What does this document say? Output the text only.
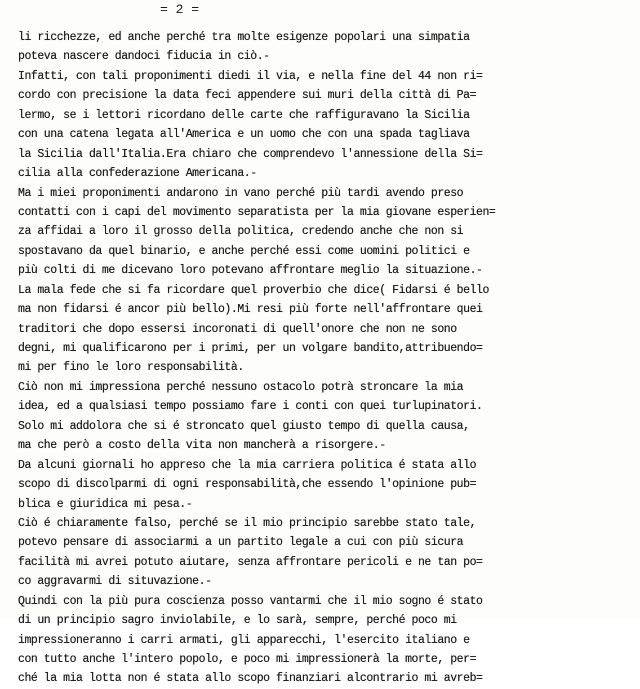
= 2 =
li ricchezze, ed anche perché tra molte esigenze popolari una simpatia
poteva nascere dandoci fiducia in ciò.-
Infatti, con tali proponimenti diedi il via, e nella fine del 44 non ri=
cordo con precisione la data feci appendere sui muri della città di Pa=
lermo, se i lettori ricordano delle carte che raffiguravano la Sicilia
con una catena legata all'America e un uomo che con una spada tagliava
la Sicilia dall'Italia.Era chiaro che comprendevo l'annessione della Si=
cilia alla confederazione Americana.-
Ma i miei proponimenti andarono in vano perché più tardi avendo preso
contatti con i capi del movimento separatista per la mia giovane esperien=
za affidai a loro il grosso della politica, credendo anche che non si
spostavano da quel binario, e anche perché essi come uomini politici e
più colti di me dicevano loro potevano affrontare meglio la situazione.-
La mala fede che si fa ricordare quel proverbio che dice( Fidarsi é bello
ma non fidarsi é ancor più bello).Mi resi più forte nell'affrontare quei
traditori che dopo essersi incoronati di quell'onore che non ne sono
degni, mi qualificarono per i primi, per un volgare bandito,attribuendo=
mi per fino le loro responsabilità.
Ciò non mi impressiona perché nessuno ostacolo potrà stroncare la mia
idea, ed a qualsiasi tempo possiamo fare i conti con quei turlupinatori.
Solo mi addolora che si é stroncato quel giusto tempo di quella causa,
ma che però a costo della vita non mancherà a risorgere.-
Da alcuni giornali ho appreso che la mia carriera politica é stata allo
scopo di discolparmi di ogni responsabilità,che essendo l'opinione pub=
blica e giuridica mi pesa.-
Ciò é chiaramente falso, perché se il mio principio sarebbe stato tale,
potevo pensare di associarmi a un partito legale a cui con più sicura
facilità mi avrei potuto aiutare, senza affrontare pericoli e ne tan po=
co aggravarmi di situvazione.-
Quindi con la più pura coscienza posso vantarmi che il mio sogno é stato
di un principio sagro inviolabile, e lo sarà, sempre, perché poco mi
impressioneranno i carri armati, gli apparecchi, l'esercito italiano e
con tutto anche l'intero popolo, e poco mi impressionerà la morte, per=
ché la mia lotta non é stata allo scopo finanziari alcontrario mi avreb=
